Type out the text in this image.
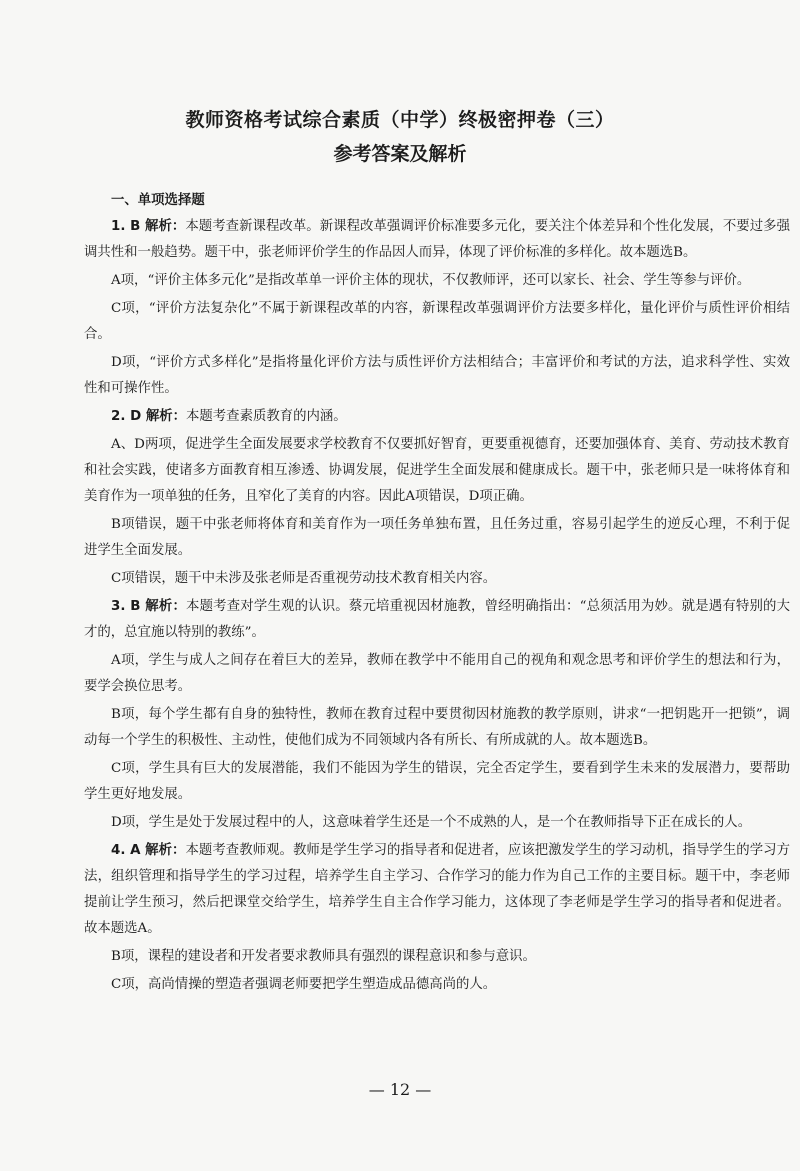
教师资格考试综合素质（中学）终极密押卷（三）
参考答案及解析
一、单项选择题

1. B 解析：本题考查新课程改革。新课程改革强调评价标准要多元化，要关注个体差异和个性化发展，不要过多强调共性和一般趋势。题干中，张老师评价学生的作品因人而异，体现了评价标准的多样化。故本题选B。

A项，“评价主体多元化”是指改革单一评价主体的现状，不仅教师评，还可以家长、社会、学生等参与评价。

C项，“评价方法复杂化”不属于新课程改革的内容，新课程改革强调评价方法要多样化，量化评价与质性评价相结合。

D项，“评价方式多样化”是指将量化评价方法与质性评价方法相结合；丰富评价和考试的方法，追求科学性、实效性和可操作性。

2. D 解析：本题考查素质教育的内涵。

A、D两项，促进学生全面发展要求学校教育不仅要抓好智育，更要重视德育，还要加强体育、美育、劳动技术教育和社会实践，使诸多方面教育相互渗透、协调发展，促进学生全面发展和健康成长。题干中，张老师只是一味将体育和美育作为一项单独的任务，且窄化了美育的内容。因此A项错误，D项正确。

B项错误，题干中张老师将体育和美育作为一项任务单独布置，且任务过重，容易引起学生的逆反心理，不利于促进学生全面发展。

C项错误，题干中未涉及张老师是否重视劳动技术教育相关内容。

3. B 解析：本题考查对学生观的认识。蔡元培重视因材施教，曾经明确指出：“总须活用为妙。就是遇有特别的大才的，总宜施以特别的教练”。

A项，学生与成人之间存在着巨大的差异，教师在教学中不能用自己的视角和观念思考和评价学生的想法和行为，要学会换位思考。

B项，每个学生都有自身的独特性，教师在教育过程中要贯彻因材施教的教学原则，讲求“一把钥匙开一把锁”，调动每一个学生的积极性、主动性，使他们成为不同领域内各有所长、有所成就的人。故本题选B。

C项，学生具有巨大的发展潜能，我们不能因为学生的错误，完全否定学生，要看到学生未来的发展潜力，要帮助学生更好地发展。

D项，学生是处于发展过程中的人，这意味着学生还是一个不成熟的人，是一个在教师指导下正在成长的人。

4. A 解析：本题考查教师观。教师是学生学习的指导者和促进者，应该把激发学生的学习动机，指导学生的学习方法，组织管理和指导学生的学习过程，培养学生自主学习、合作学习的能力作为自己工作的主要目标。题干中，李老师提前让学生预习，然后把课堂交给学生，培养学生自主合作学习能力，这体现了李老师是学生学习的指导者和促进者。故本题选A。

B项，课程的建设者和开发者要求教师具有强烈的课程意识和参与意识。

C项，高尚情操的塑造者强调老师要把学生塑造成品德高尚的人。

— 12 —
